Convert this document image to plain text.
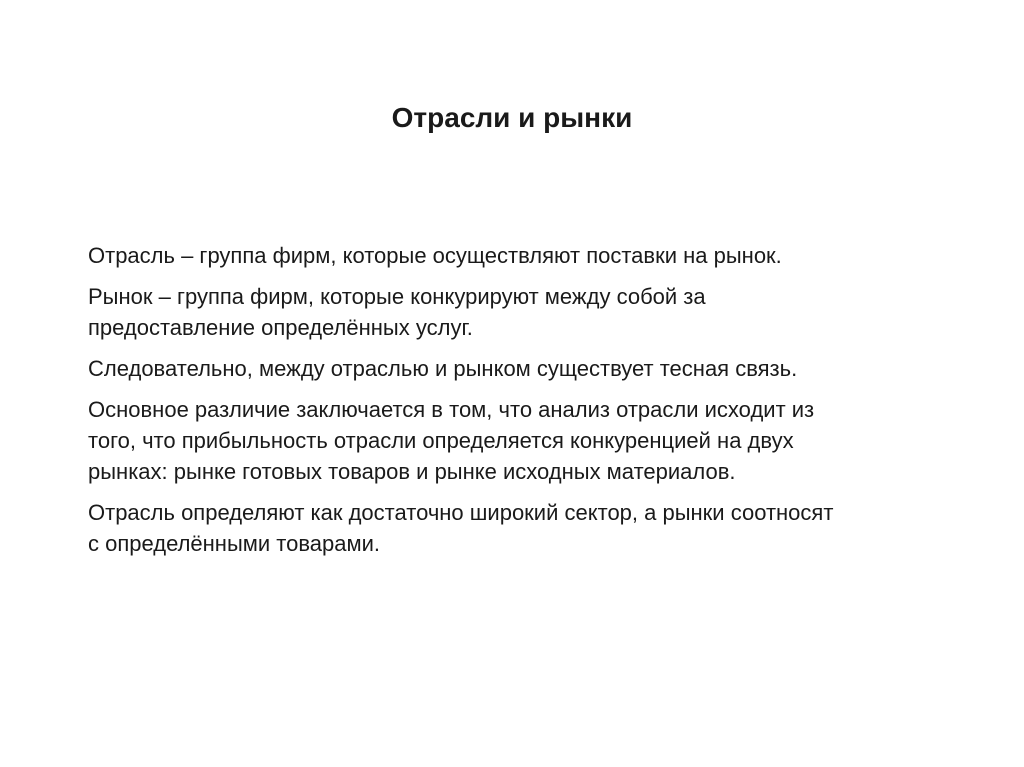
Отрасли и рынки

Отрасль – группа фирм, которые осуществляют поставки на рынок.

Рынок – группа фирм, которые конкурируют между собой за
предоставление определённых услуг.

Следовательно, между отраслью и рынком существует тесная связь.

Основное различие заключается в том, что анализ отрасли исходит из
того, что прибыльность отрасли определяется конкуренцией на двух
рынках: рынке готовых товаров и рынке исходных материалов.

Отрасль определяют как достаточно широкий сектор, а рынки соотносят
с определёнными товарами.
